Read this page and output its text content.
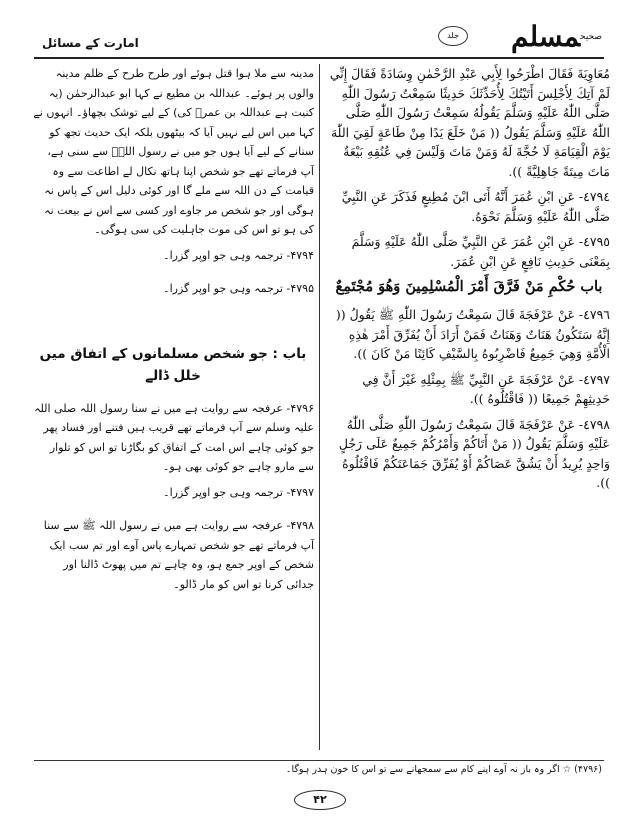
$^{صحیح}$مسلم
جلد
امارت کے مسائل

مُعَاوِيَةَ فَقَالَ اطْرَحُوا لِأَبِي عَبْدِ الرَّحْمٰنِ وِسَادَةً فَقَالَ إِنِّي لَمْ آتِكَ لِأَجْلِسَ أَتَيْتُكَ لِأُحَدِّثَكَ حَدِيثًا سَمِعْتُ رَسُولَ اللّٰهِ صَلَّى اللّٰهُ عَلَيْهِ وَسَلَّمَ يَقُولُهُ سَمِعْتُ رَسُولَ اللّٰهِ صَلَّى اللّٰهُ عَلَيْهِ وَسَلَّمَ يَقُولُ (( مَنْ خَلَعَ يَدًا مِنْ طَاعَةٍ لَقِيَ اللّٰهَ يَوْمَ الْقِيَامَةِ لَا حُجَّةَ لَهُ وَمَنْ مَاتَ وَلَيْسَ فِي عُنُقِهِ بَيْعَةٌ مَاتَ مِيتَةً جَاهِلِيَّةً )).

٤٧٩٤- عَنِ ابْنِ عُمَرَ أَنَّهُ أَتَى ابْنَ مُطِيعٍ فَذَكَرَ عَنِ النَّبِيِّ صَلَّى اللّٰهُ عَلَيْهِ وَسَلَّمَ نَحْوَهُ.

٤٧٩٥- عَنِ ابْنِ عُمَرَ عَنِ النَّبِيِّ صَلَّى اللّٰهُ عَلَيْهِ وَسَلَّمَ بِمَعْنَى حَدِيثِ نَافِعٍ عَنِ ابْنِ عُمَرَ.

باب حُكْمِ مَنْ فَرَّقَ أَمْرَ الْمُسْلِمِينَ وَهُوَ مُجْتَمِعٌ

٤٧٩٦- عَنْ عَرْفَجَةَ قَالَ سَمِعْتُ رَسُولَ اللّٰهِ ﷺ يَقُولُ (( إِنَّهُ سَتَكُونُ هَنَاتٌ وَهَنَاتٌ فَمَنْ أَرَادَ أَنْ يُفَرِّقَ أَمْرَ هٰذِهِ الْأُمَّةِ وَهِيَ جَمِيعٌ فَاضْرِبُوهُ بِالسَّيْفِ كَائِنًا مَنْ كَانَ )).

٤٧٩٧- عَنْ عَرْفَجَةَ عَنِ النَّبِيِّ ﷺ بِمِثْلِهِ غَيْرَ أَنَّ فِي حَدِيثِهِمْ جَمِيعًا (( فَاقْتُلُوهُ )).

٤٧٩٨- عَنْ عَرْفَجَةَ قَالَ سَمِعْتُ رَسُولَ اللّٰهِ صَلَّى اللّٰهُ عَلَيْهِ وَسَلَّمَ يَقُولُ (( مَنْ أَتَاكُمْ وَأَمْرُكُمْ جَمِيعٌ عَلَى رَجُلٍ وَاحِدٍ يُرِيدُ أَنْ يَشُقَّ عَصَاكُمْ أَوْ يُفَرِّقَ جَمَاعَتَكُمْ فَاقْتُلُوهُ )).

مدینہ سے ملا ہوا قتل ہوئے اور طرح طرح کے ظلم مدینہ والوں پر ہوئے۔ عبداللہ بن مطیع نے کہا ابو عبدالرحمٰن (یہ کنیت ہے عبداللہ بن عمرؓ کی) کے لیے توشک بچھاؤ۔ انہوں نے کہا میں اس لیے نہیں آیا کہ بیٹھوں بلکہ ایک حدیث تجھ کو سنانے کے لیے آیا ہوں جو میں نے رسول اللہؐ سے سنی ہے، آپ فرماتے تھے جو شخص اپنا ہاتھ نکال لے اطاعت سے وہ قیامت کے دن اللہ سے ملے گا اور کوئی دلیل اس کے پاس نہ ہوگی اور جو شخص مر جاوے اور کسی سے اس نے بیعت نہ کی ہو تو اس کی موت جاہلیت کی سی ہوگی۔

۴۷۹۴- ترجمہ وہی جو اوپر گزرا۔

۴۷۹۵- ترجمہ وہی جو اوپر گزرا۔

باب : جو شخص مسلمانوں کے اتفاق میں خلل ڈالے

۴۷۹۶- عرفجہ سے روایت ہے میں نے سنا رسول اللہ صلی اللہ علیہ وسلم سے آپ فرماتے تھے قریب ہیں فتنے اور فساد پھر جو کوئی چاہے اس امت کے اتفاق کو بگاڑنا تو اس کو تلوار سے مارو چاہے جو کوئی بھی ہو۔

۴۷۹۷- ترجمہ وہی جو اوپر گزرا۔

۴۷۹۸- عرفجہ سے روایت ہے میں نے رسول اللہ ﷺ سے سنا آپ فرماتے تھے جو شخص تمہارے پاس آوے اور تم سب ایک شخص کے اوپر جمع ہو، وہ چاہے تم میں پھوٹ ڈالنا اور جدائی کرنا تو اس کو مار ڈالو۔

(۴۷۹۶) ☆ اگر وہ باز نہ آوے اپنے کام سے سمجھانے سے تو اس کا خون ہدر ہوگا۔
۴۲
